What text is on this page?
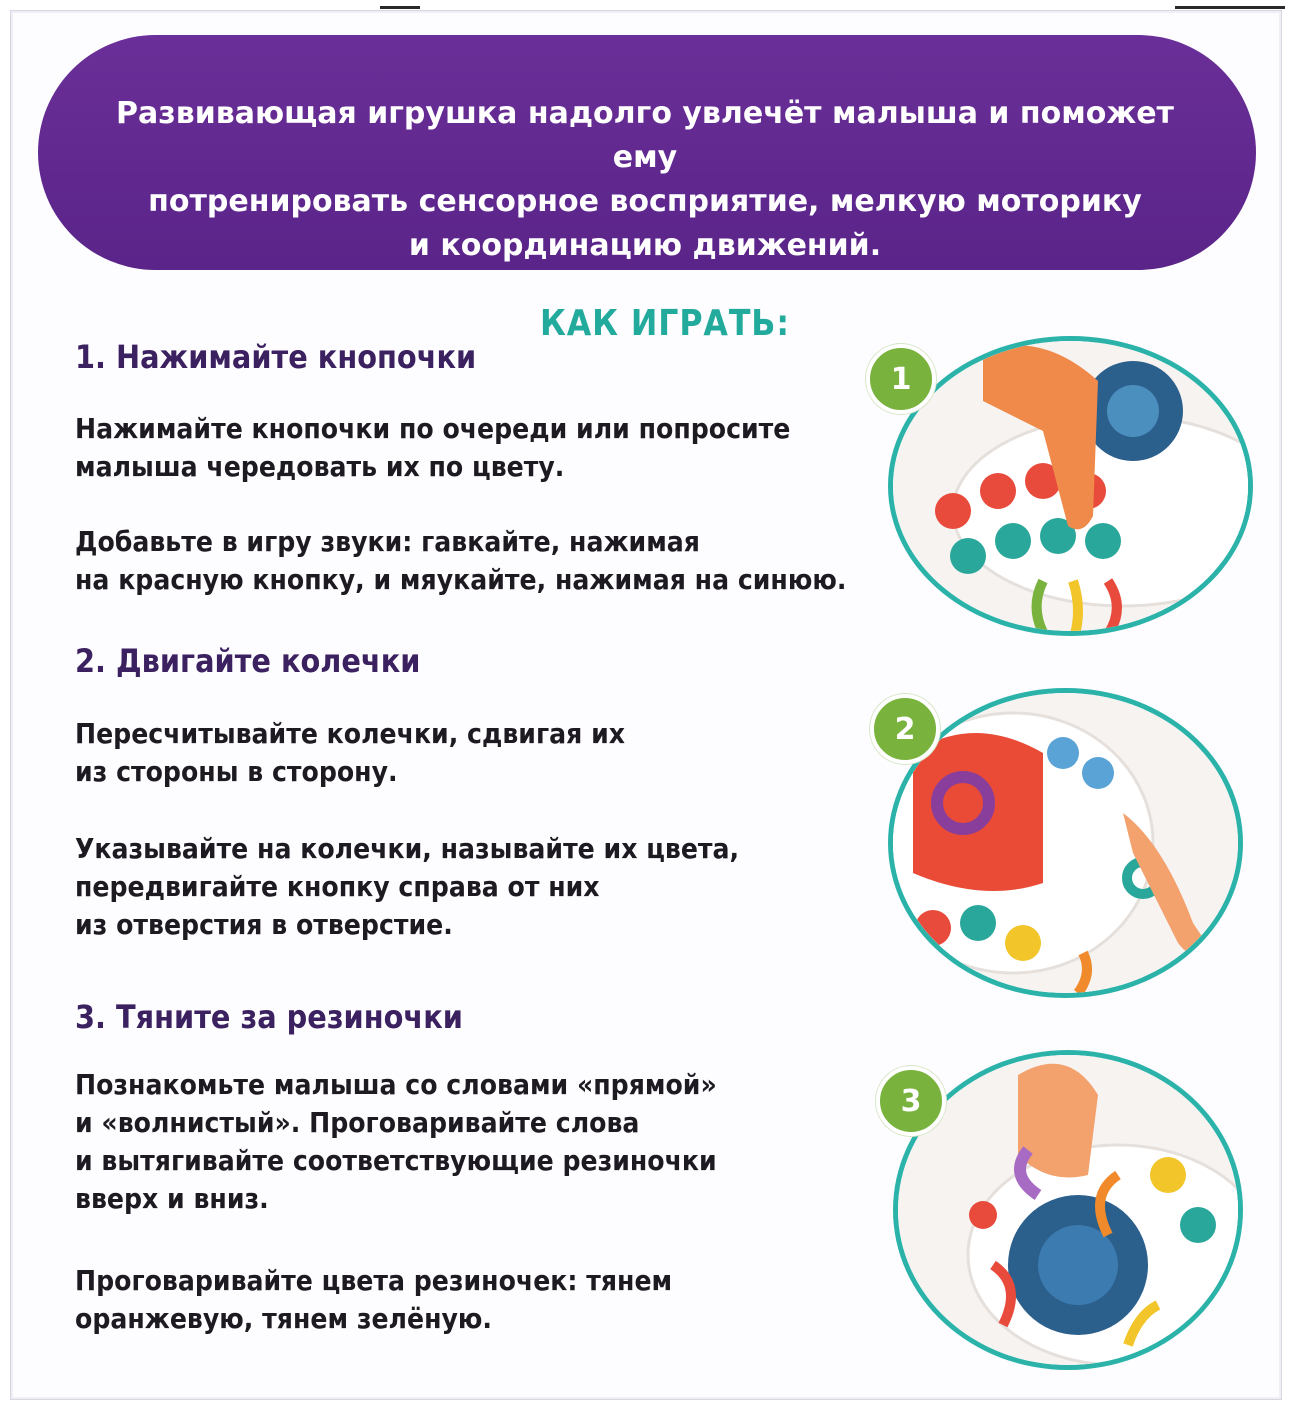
Развивающая игрушка надолго увлечёт малыша и поможет ему
потренировать сенсорное восприятие, мелкую моторику
и координацию движений.

КАК ИГРАТЬ:
1. Нажимайте кнопочки

Нажимайте кнопочки по очереди или попросите
малыша чередовать их по цвету.

Добавьте в игру звуки: гавкайте, нажимая
на красную кнопку, и мяукайте, нажимая на синюю.

1
2. Двигайте колечки

Пересчитывайте колечки, сдвигая их
из стороны в сторону.

Указывайте на колечки, называйте их цвета,
передвигайте кнопку справа от них
из отверстия в отверстие.

2
3. Тяните за резиночки

Познакомьте малыша со словами «прямой»
и «волнистый». Проговаривайте слова
и вытягивайте соответствующие резиночки
вверх и вниз.

Проговаривайте цвета резиночек: тянем
оранжевую, тянем зелёную.

3
